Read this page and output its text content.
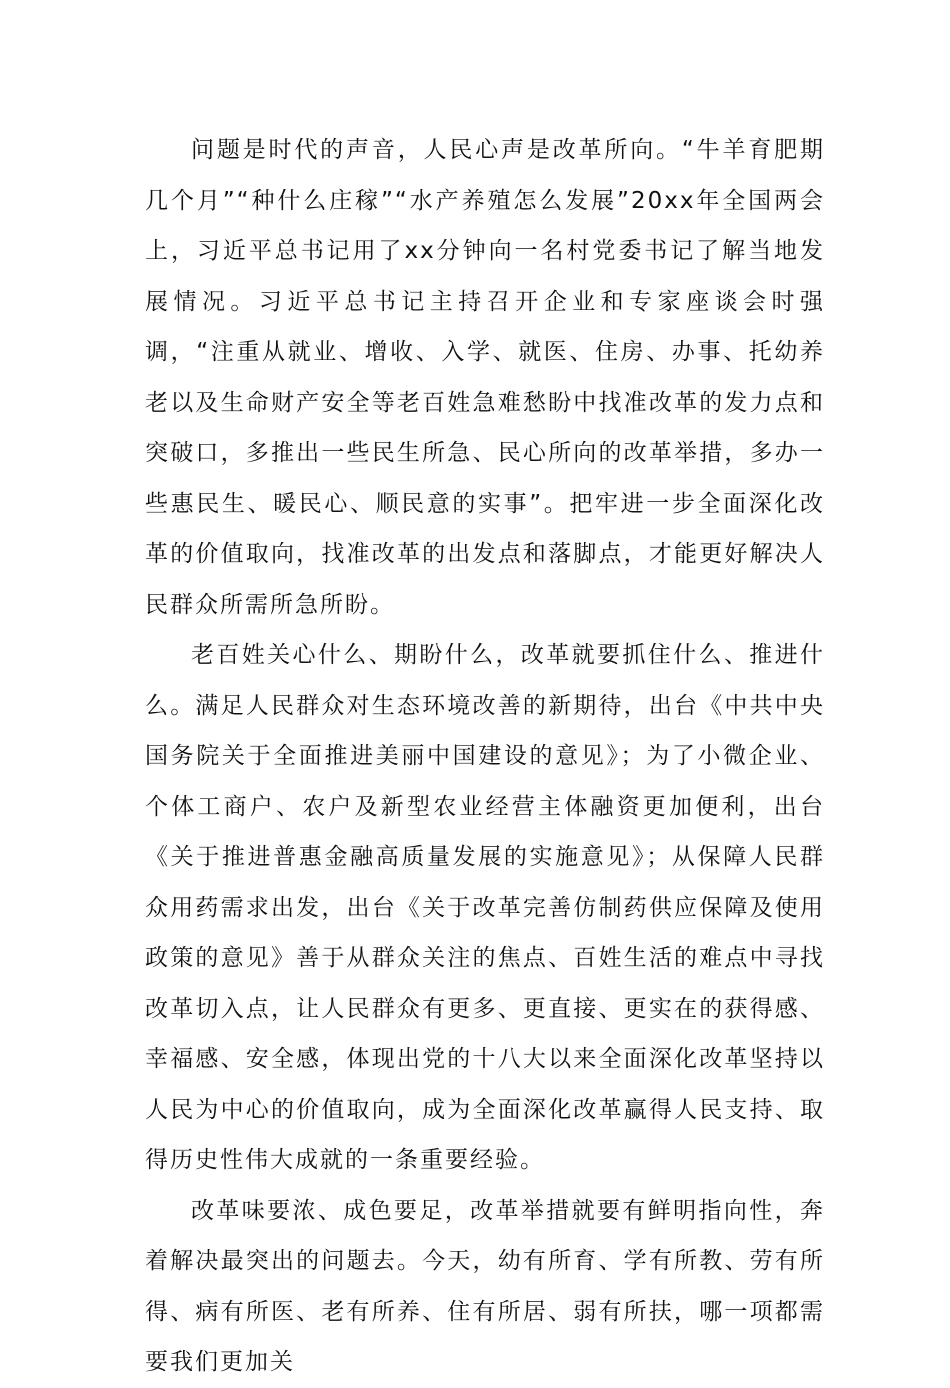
问题是时代的声音，人民心声是改革所向。“牛羊育肥期几个月”“种什么庄稼”“水产养殖怎么发展”20xx年全国两会上，习近平总书记用了xx分钟向一名村党委书记了解当地发展情况。习近平总书记主持召开企业和专家座谈会时强调，“注重从就业、增收、入学、就医、住房、办事、托幼养老以及生命财产安全等老百姓急难愁盼中找准改革的发力点和突破口，多推出一些民生所急、民心所向的改革举措，多办一些惠民生、暖民心、顺民意的实事”。把牢进一步全面深化改革的价值取向，找准改革的出发点和落脚点，才能更好解决人民群众所需所急所盼。

老百姓关心什么、期盼什么，改革就要抓住什么、推进什么。满足人民群众对生态环境改善的新期待，出台《中共中央国务院关于全面推进美丽中国建设的意见》；为了小微企业、个体工商户、农户及新型农业经营主体融资更加便利，出台《关于推进普惠金融高质量发展的实施意见》；从保障人民群众用药需求出发，出台《关于改革完善仿制药供应保障及使用政策的意见》善于从群众关注的焦点、百姓生活的难点中寻找改革切入点，让人民群众有更多、更直接、更实在的获得感、幸福感、安全感，体现出党的十八大以来全面深化改革坚持以人民为中心的价值取向，成为全面深化改革赢得人民支持、取得历史性伟大成就的一条重要经验。

改革味要浓、成色要足，改革举措就要有鲜明指向性，奔着解决最突出的问题去。今天，幼有所育、学有所教、劳有所得、病有所医、老有所养、住有所居、弱有所扶，哪一项都需要我们更加关
